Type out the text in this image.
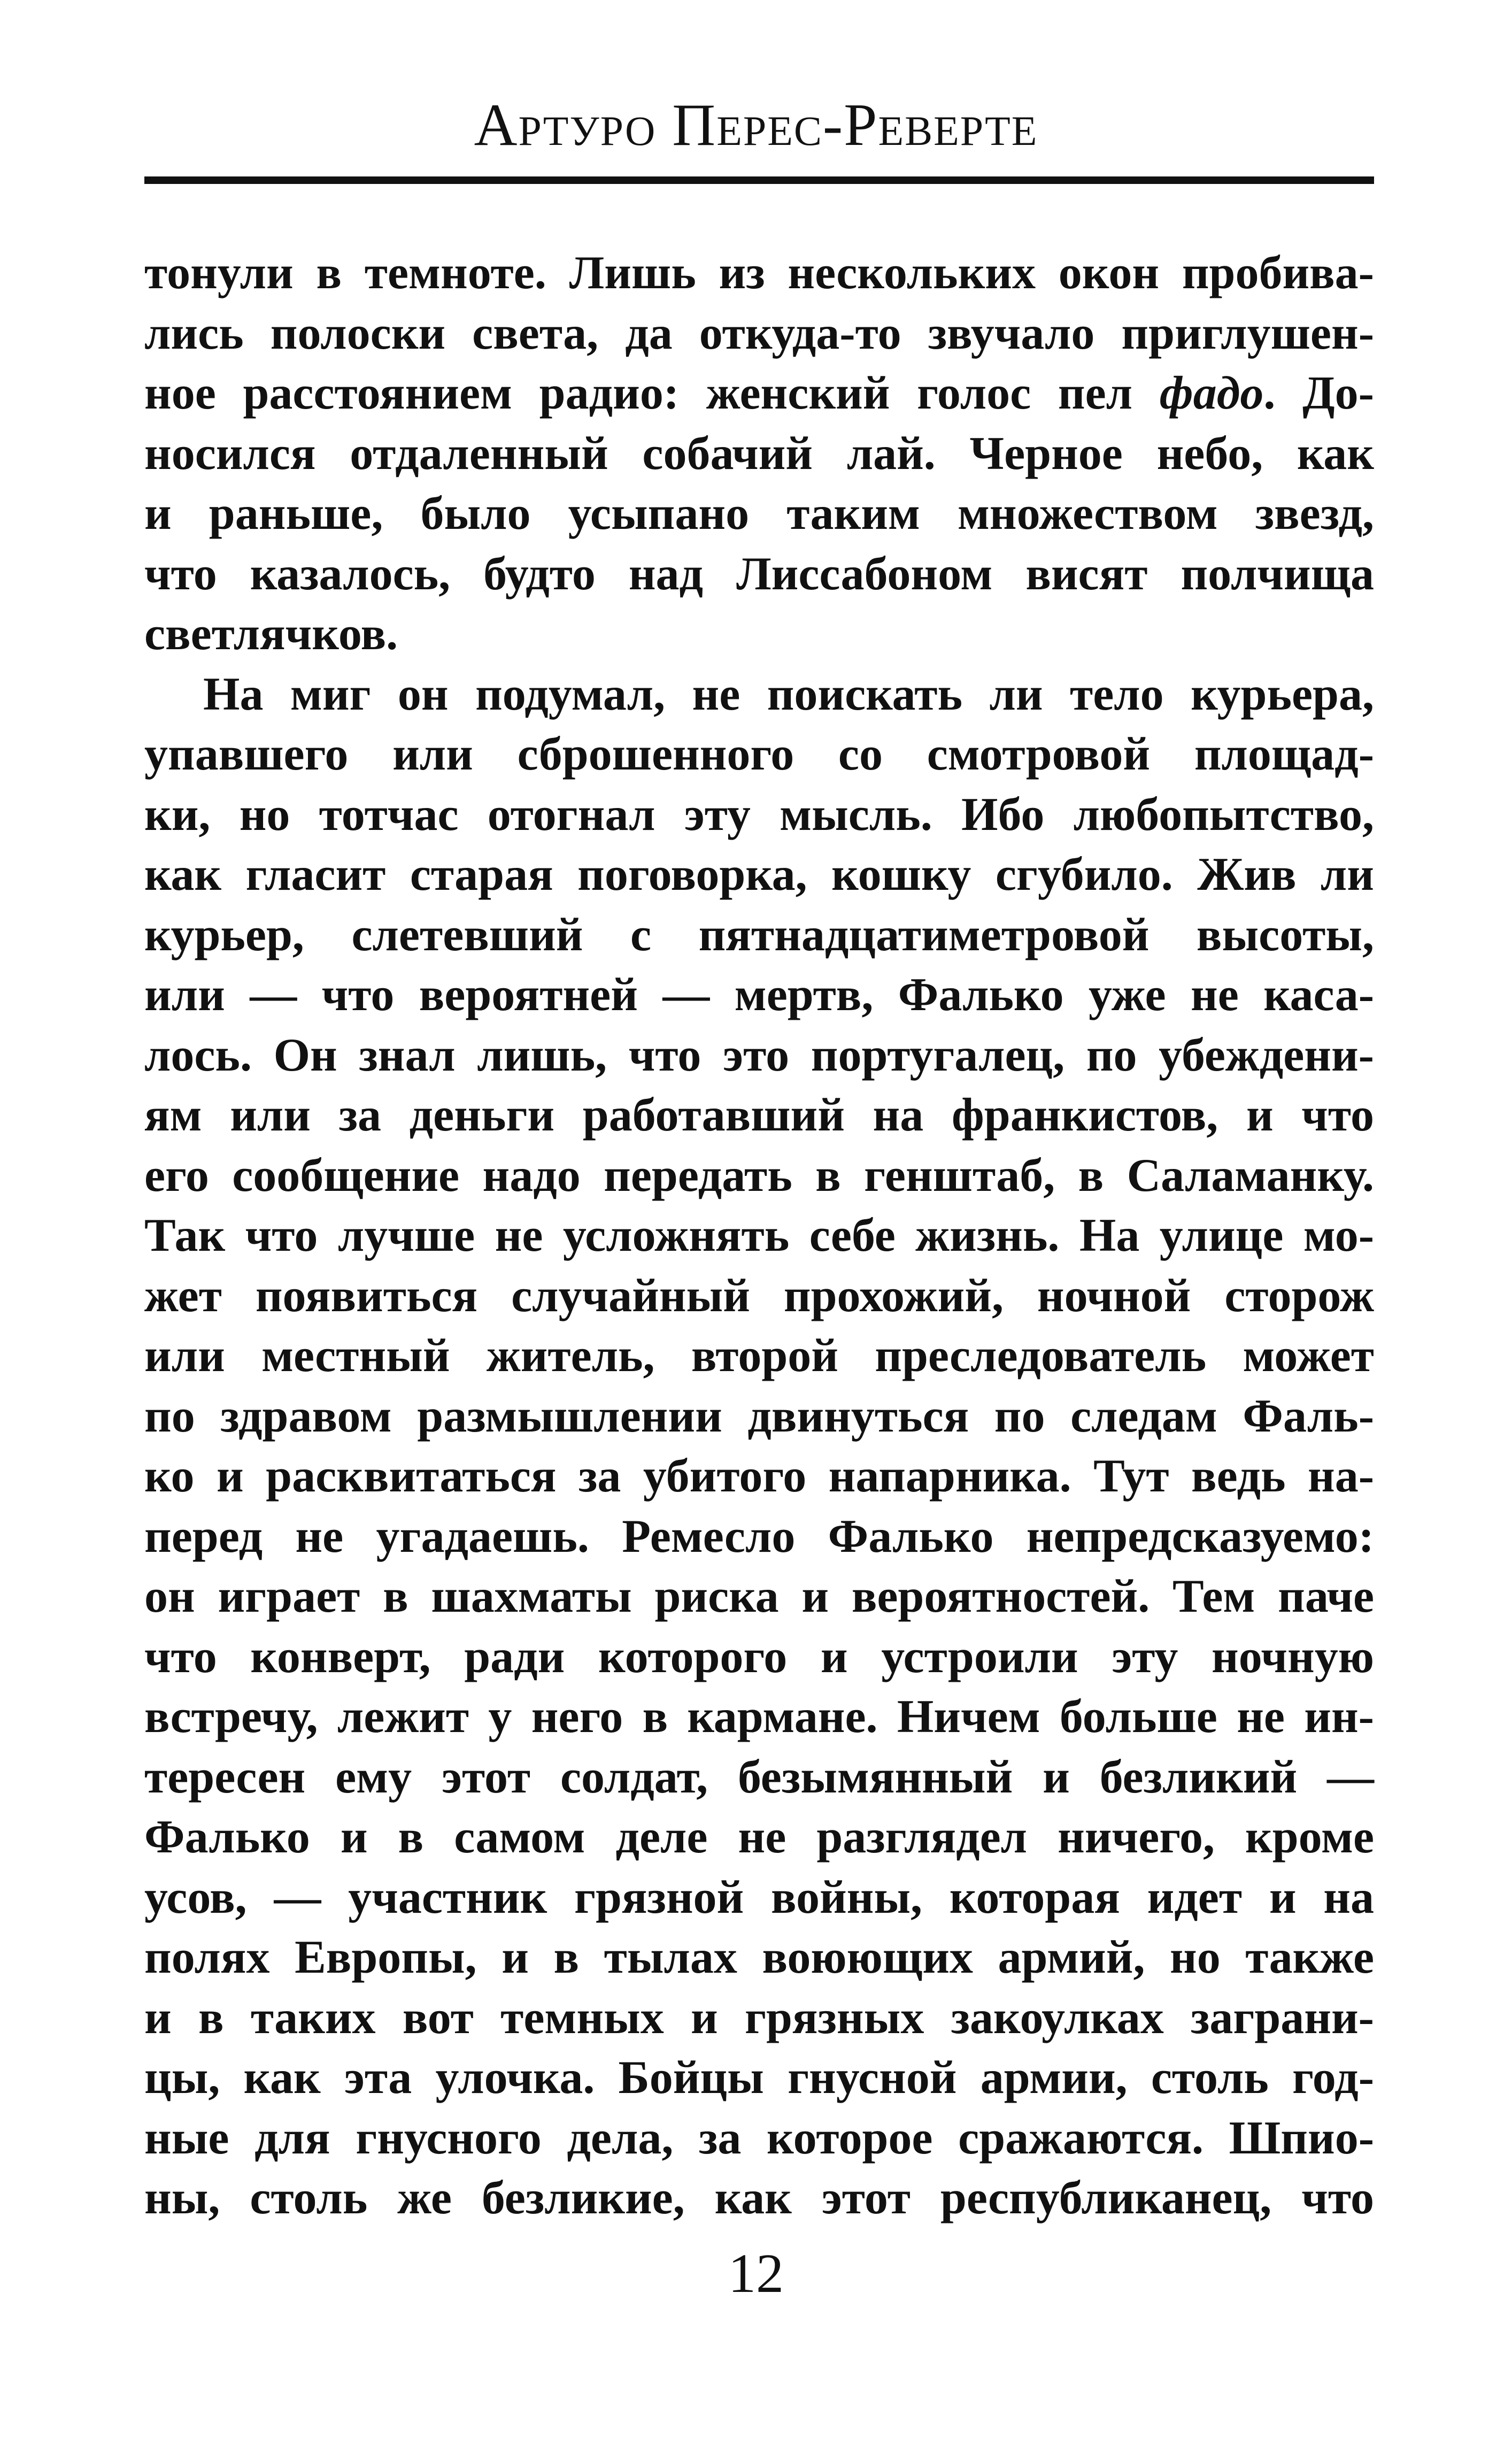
Артуро Перес-Реверте

тонули в темноте. Лишь из нескольких окон пробива-
лись полоски света, да откуда-то звучало приглушен-
ное расстоянием радио: женский голос пел фадо. До-
носился отдаленный собачий лай. Черное небо, как
и раньше, было усыпано таким множеством звезд,
что казалось, будто над Лиссабоном висят полчища
светлячков.

На миг он подумал, не поискать ли тело курьера,
упавшего или сброшенного со смотровой площад-
ки, но тотчас отогнал эту мысль. Ибо любопытство,
как гласит старая поговорка, кошку сгубило. Жив ли
курьер, слетевший с пятнадцатиметровой высоты,
или — что вероятней — мертв, Фалько уже не каса-
лось. Он знал лишь, что это португалец, по убеждени-
ям или за деньги работавший на франкистов, и что
его сообщение надо передать в генштаб, в Саламанку.
Так что лучше не усложнять себе жизнь. На улице мо-
жет появиться случайный прохожий, ночной сторож
или местный житель, второй преследователь может
по здравом размышлении двинуться по следам Фаль-
ко и расквитаться за убитого напарника. Тут ведь на-
перед не угадаешь. Ремесло Фалько непредсказуемо:
он играет в шахматы риска и вероятностей. Тем паче
что конверт, ради которого и устроили эту ночную
встречу, лежит у него в кармане. Ничем больше не ин-
тересен ему этот солдат, безымянный и безликий —
Фалько и в самом деле не разглядел ничего, кроме
усов, — участник грязной войны, которая идет и на
полях Европы, и в тылах воюющих армий, но также
и в таких вот темных и грязных закоулках заграни-
цы, как эта улочка. Бойцы гнусной армии, столь год-
ные для гнусного дела, за которое сражаются. Шпио-
ны, столь же безликие, как этот республиканец, что

12
